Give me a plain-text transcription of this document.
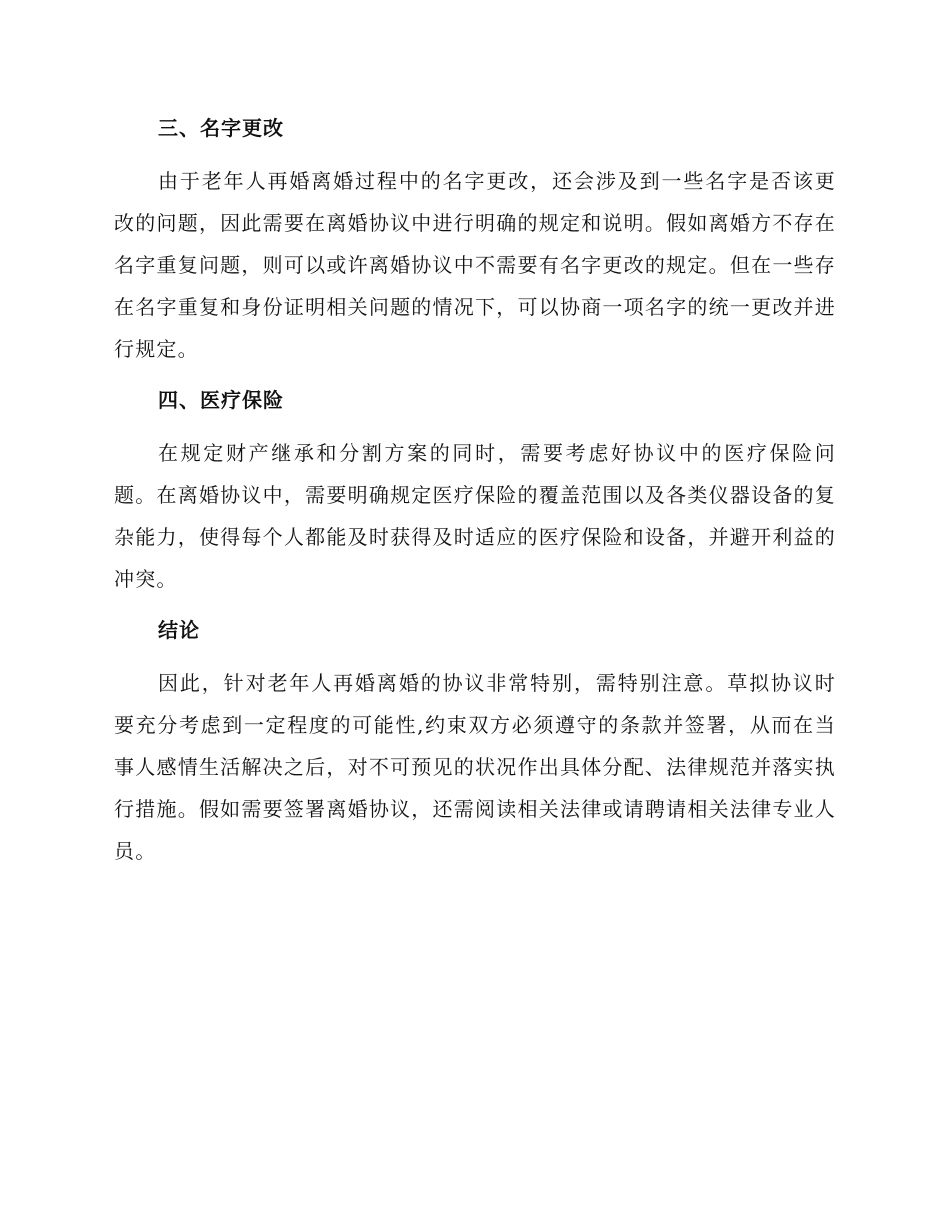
三、名字更改

由于老年人再婚离婚过程中的名字更改，还会涉及到一些名字是否该更改的问题，因此需要在离婚协议中进行明确的规定和说明。假如离婚方不存在名字重复问题，则可以或许离婚协议中不需要有名字更改的规定。但在一些存在名字重复和身份证明相关问题的情况下，可以协商一项名字的统一更改并进行规定。

四、医疗保险

在规定财产继承和分割方案的同时，需要考虑好协议中的医疗保险问题。在离婚协议中，需要明确规定医疗保险的覆盖范围以及各类仪器设备的复杂能力，使得每个人都能及时获得及时适应的医疗保险和设备，并避开利益的冲突。

结论

因此，针对老年人再婚离婚的协议非常特别，需特别注意。草拟协议时要充分考虑到一定程度的可能性,约束双方必须遵守的条款并签署，从而在当事人感情生活解决之后，对不可预见的状况作出具体分配、法律规范并落实执行措施。假如需要签署离婚协议，还需阅读相关法律或请聘请相关法律专业人员。
